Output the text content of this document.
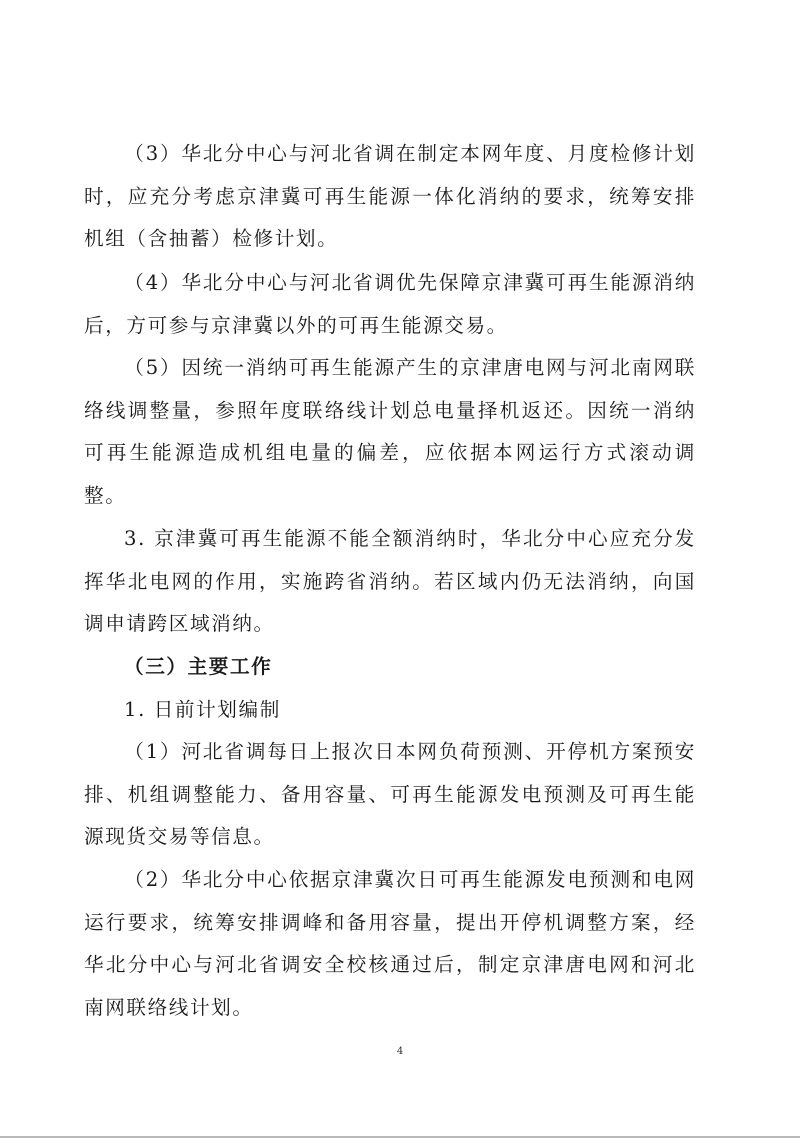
（3）华北分中心与河北省调在制定本网年度、月度检修计划时，应充分考虑京津冀可再生能源一体化消纳的要求，统筹安排机组（含抽蓄）检修计划。

（4）华北分中心与河北省调优先保障京津冀可再生能源消纳后，方可参与京津冀以外的可再生能源交易。

（5）因统一消纳可再生能源产生的京津唐电网与河北南网联络线调整量，参照年度联络线计划总电量择机返还。因统一消纳可再生能源造成机组电量的偏差，应依据本网运行方式滚动调整。

3. 京津冀可再生能源不能全额消纳时，华北分中心应充分发挥华北电网的作用，实施跨省消纳。若区域内仍无法消纳，向国调申请跨区域消纳。

（三）主要工作

1. 日前计划编制

（1）河北省调每日上报次日本网负荷预测、开停机方案预安排、机组调整能力、备用容量、可再生能源发电预测及可再生能源现货交易等信息。

（2）华北分中心依据京津冀次日可再生能源发电预测和电网运行要求，统筹安排调峰和备用容量，提出开停机调整方案，经华北分中心与河北省调安全校核通过后，制定京津唐电网和河北南网联络线计划。

4
